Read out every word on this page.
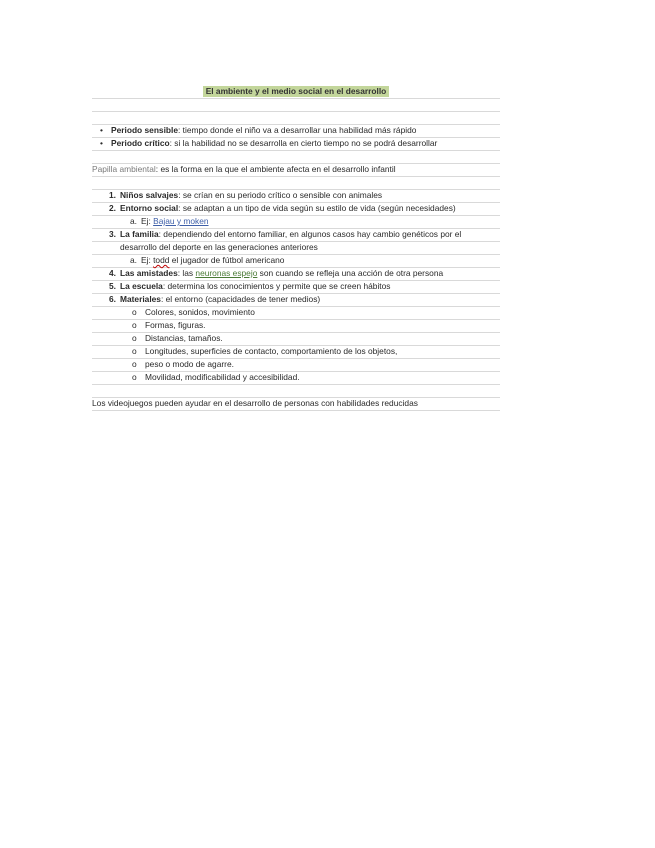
El ambiente y el medio social en el desarrollo
• Periodo sensible: tiempo donde el niño va a desarrollar una habilidad más rápido
• Periodo crítico: si la habilidad no se desarrolla en cierto tiempo no se podrá desarrollar
Papilla ambiental: es la forma en la que el ambiente afecta en el desarrollo infantil
1. Niños salvajes: se crían en su periodo crítico o sensible con animales
2. Entorno social: se adaptan a un tipo de vida según su estilo de vida (según necesidades)
a. Ej: Bajau y moken
3. La familia: dependiendo del entorno familiar, en algunos casos hay cambio genéticos por el
desarrollo del deporte en las generaciones anteriores
a. Ej: todd el jugador de fútbol americano
4. Las amistades: las neuronas espejo son cuando se refleja una acción de otra persona
5. La escuela: determina los conocimientos y permite que se creen hábitos
6. Materiales: el entorno (capacidades de tener medios)
o Colores, sonidos, movimiento
o Formas, figuras.
o Distancias, tamaños.
o Longitudes, superficies de contacto, comportamiento de los objetos,
o peso o modo de agarre.
o Movilidad, modificabilidad y accesibilidad.
Los videojuegos pueden ayudar en el desarrollo de personas con habilidades reducidas
